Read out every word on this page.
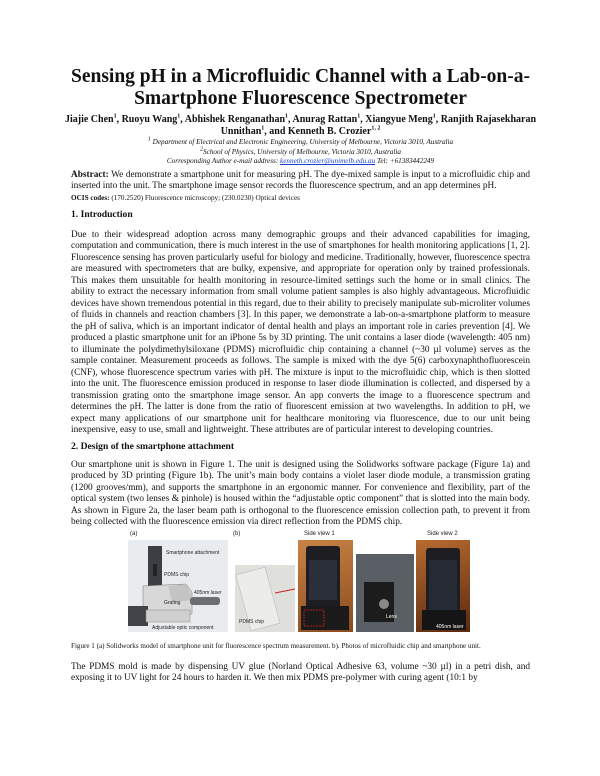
Sensing pH in a Microfluidic Channel with a Lab-on-a-Smartphone Fluorescence Spectrometer
Jiajie Chen$^1$, Ruoyu Wang$^1$, Abhishek Renganathan$^1$, Anurag Rattan$^1$, Xiangyue Meng$^1$, Ranjith Rajasekharan Unnithan$^1$, and Kenneth B. Crozier$^{1, 2}$
$^1$ Department of Electrical and Electronic Engineering, University of Melbourne, Victoria 3010, Australia
$^2$School of Physics, University of Melbourne, Victoria 3010, Australia
Corresponding Author e-mail address: kenneth.crozier@unimelb.edu.au Tel: +61383442249
Abstract: We demonstrate a smartphone unit for measuring pH. The dye-mixed sample is input to a microfluidic chip and inserted into the unit. The smartphone image sensor records the fluorescence spectrum, and an app determines pH.
OCIS codes: (170.2520) Fluorescence microscopy; (230.0230) Optical devices
1. Introduction
Due to their widespread adoption across many demographic groups and their advanced capabilities for imaging, computation and communication, there is much interest in the use of smartphones for health monitoring applications [1, 2]. Fluorescence sensing has proven particularly useful for biology and medicine. Traditionally, however, fluorescence spectra are measured with spectrometers that are bulky, expensive, and appropriate for operation only by trained professionals. This makes them unsuitable for health monitoring in resource-limited settings such the home or in small clinics. The ability to extract the necessary information from small volume patient samples is also highly advantageous. Microfluidic devices have shown tremendous potential in this regard, due to their ability to precisely manipulate sub-microliter volumes of fluids in channels and reaction chambers [3]. In this paper, we demonstrate a lab-on-a-smartphone platform to measure the pH of saliva, which is an important indicator of dental health and plays an important role in caries prevention [4]. We produced a plastic smartphone unit for an iPhone 5s by 3D printing. The unit contains a laser diode (wavelength: 405 nm) to illuminate the polydimethylsiloxane (PDMS) microfluidic chip containing a channel (~30 µl volume) serves as the sample container. Measurement proceeds as follows. The sample is mixed with the dye 5(6) carboxynaphthofluorescein (CNF), whose fluorescence spectrum varies with pH. The mixture is input to the microfluidic chip, which is then slotted into the unit. The fluorescence emission produced in response to laser diode illumination is collected, and dispersed by a transmission grating onto the smartphone image sensor. An app converts the image to a fluorescence spectrum and determines the pH. The latter is done from the ratio of fluorescent emission at two wavelengths. In addition to pH, we expect many applications of our smartphone unit for healthcare monitoring via fluorescence, due to our unit being inexpensive, easy to use, small and lightweight. These attributes are of particular interest to developing countries.
2. Design of the smartphone attachment
Our smartphone unit is shown in Figure 1. The unit is designed using the Solidworks software package (Figure 1a) and produced by 3D printing (Figure 1b). The unit’s main body contains a violet laser diode module, a transmission grating (1200 grooves/mm), and supports the smartphone in an ergonomic manner. For convenience and flexibility, part of the optical system (two lenses & pinhole) is housed within the “adjustable optic component” that is slotted into the main body. As shown in Figure 2a, the laser beam path is orthogonal to the fluorescence emission collection path, to prevent it from being collected with the fluorescence emission via direct reflection from the PDMS chip.
(a)	(b)	Side view 1	Side view 2
Smartphone attachment
PDMS chip
405nm laser
Grating
Adjustable optic component
PDMS chip
Lens
405nm laser
Figure 1 (a) Solidworks model of smartphone unit for fluorescence spectrum measurement. b). Photos of microfluidic chip and smartphone unit.
The PDMS mold is made by dispensing UV glue (Norland Optical Adhesive 63, volume ~30 µl) in a petri dish, and exposing it to UV light for 24 hours to harden it. We then mix PDMS pre-polymer with curing agent (10:1 by
